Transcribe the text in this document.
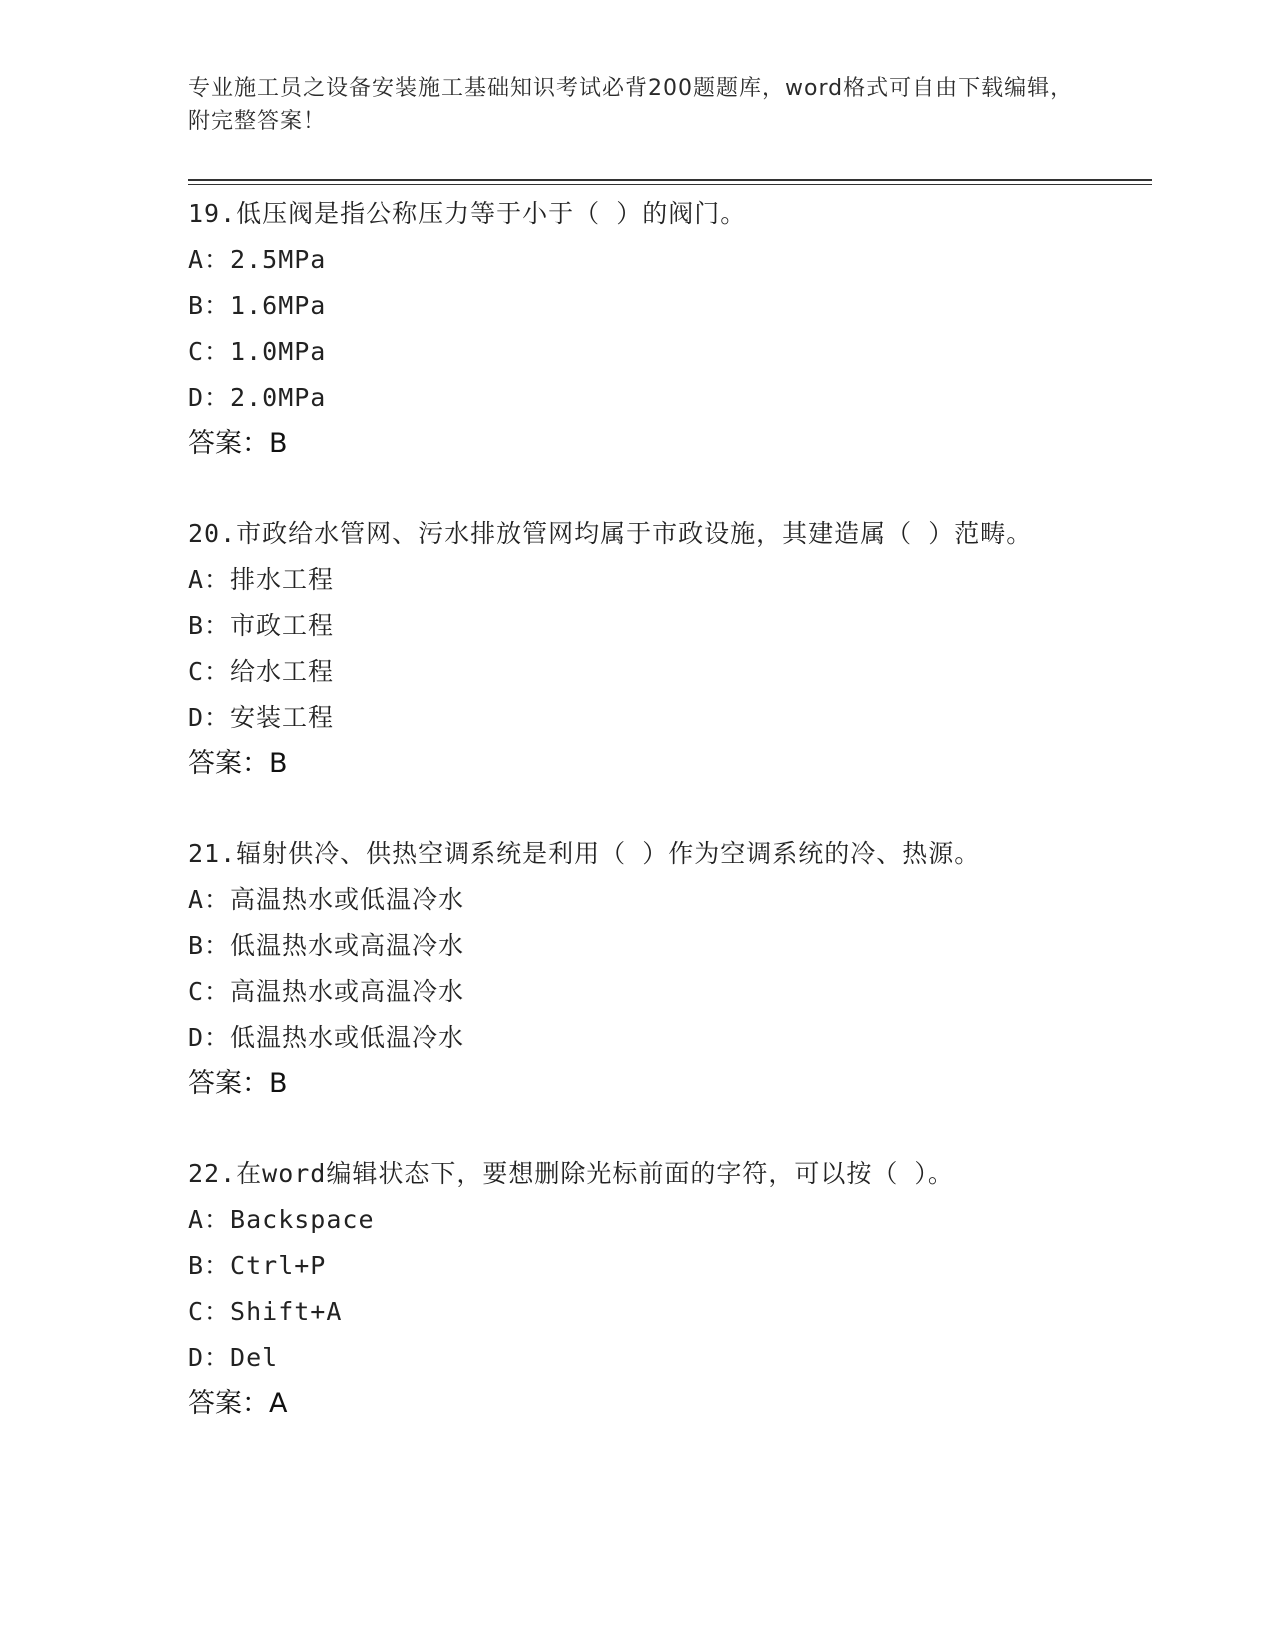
专业施工员之设备安装施工基础知识考试必背200题题库，word格式可自由下载编辑，附完整答案！
19.低压阀是指公称压力等于小于（ ）的阀门。
A：2.5MPa
B：1.6MPa
C：1.0MPa
D：2.0MPa
答案：B
20.市政给水管网、污水排放管网均属于市政设施，其建造属（ ）范畴。
A：排水工程
B：市政工程
C：给水工程
D：安装工程
答案：B
21.辐射供冷、供热空调系统是利用（ ）作为空调系统的冷、热源。
A：高温热水或低温冷水
B：低温热水或高温冷水
C：高温热水或高温冷水
D：低温热水或低温冷水
答案：B
22.在word编辑状态下，要想删除光标前面的字符，可以按（ ）。
A：Backspace
B：Ctrl+P
C：Shift+A
D：Del
答案：A
